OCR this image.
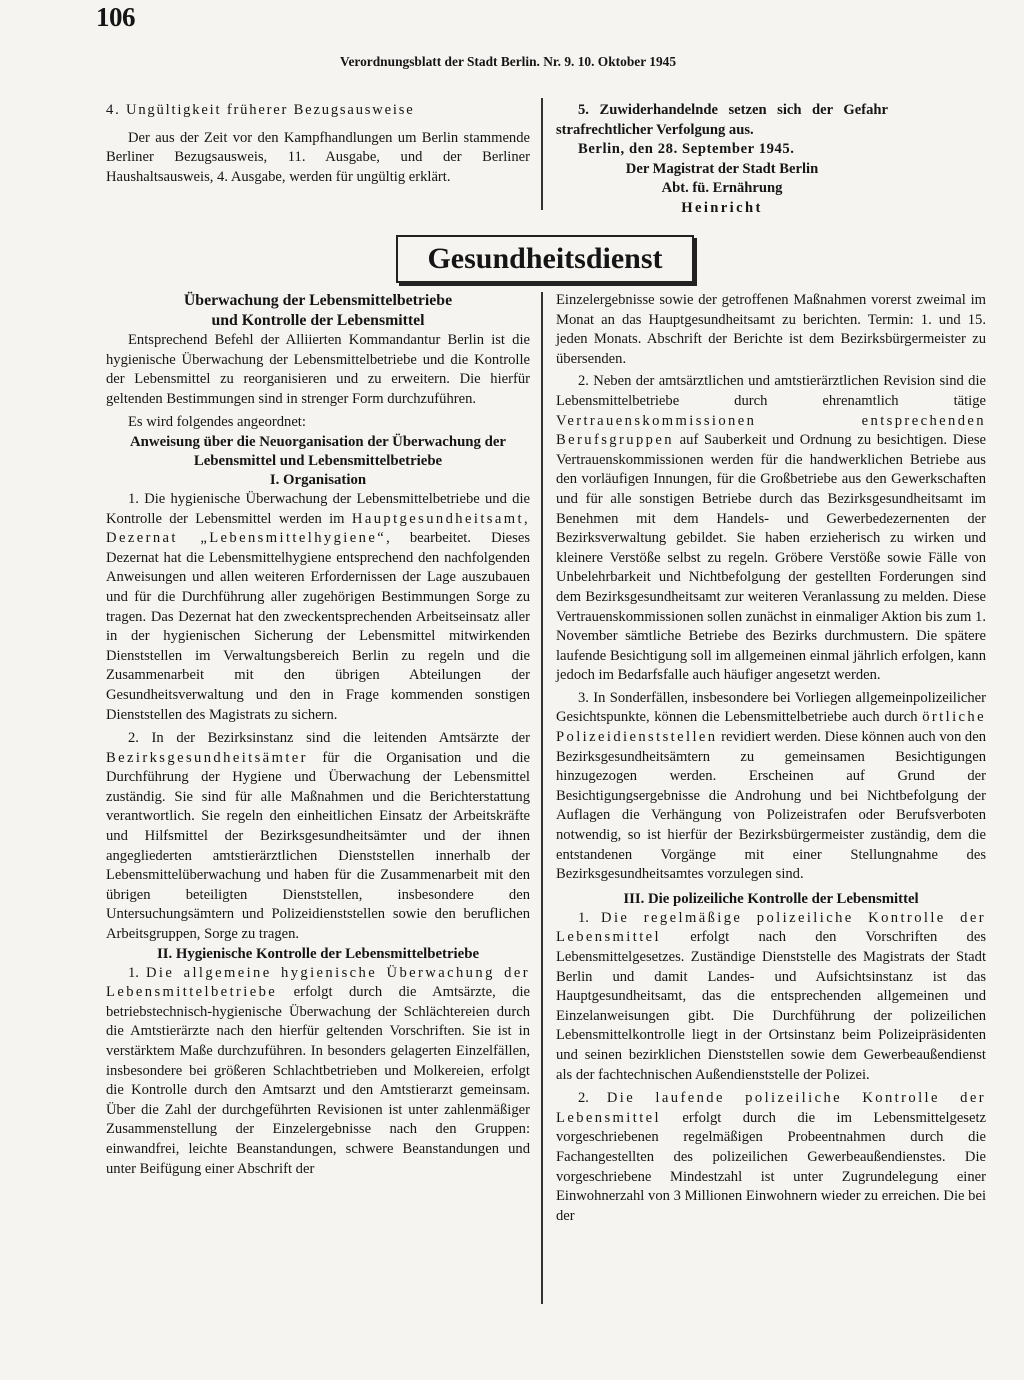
106
Verordnungsblatt der Stadt Berlin. Nr. 9. 10. Oktober 1945

4. Ungültigkeit früherer Bezugsausweise

Der aus der Zeit vor den Kampfhandlungen um Berlin stammende Berliner Bezugsausweis, 11. Ausgabe, und der Berliner Haushaltsausweis, 4. Ausgabe, werden für ungültig erklärt.

5. Zuwiderhandelnde setzen sich der Gefahr strafrechtlicher Verfolgung aus.

Berlin, den 28. September 1945.

Der Magistrat der Stadt Berlin

Abt. fü. Ernährung

Heinricht

Gesundheitsdienst

Überwachung der Lebensmittelbetriebe
und Kontrolle der Lebensmittel

Entsprechend Befehl der Alliierten Kommandantur Berlin ist die hygienische Überwachung der Lebensmittelbetriebe und die Kontrolle der Lebensmittel zu reorganisieren und zu erweitern. Die hierfür geltenden Bestimmungen sind in strenger Form durchzuführen.

Es wird folgendes angeordnet:

Anweisung über die Neuorganisation der Überwachung der Lebensmittel und Lebensmittelbetriebe

I. Organisation

1. Die hygienische Überwachung der Lebensmittelbetriebe und die Kontrolle der Lebensmittel werden im Hauptgesundheitsamt, Dezernat „Lebensmittelhygiene“, bearbeitet. Dieses Dezernat hat die Lebensmittelhygiene entsprechend den nachfolgenden Anweisungen und allen weiteren Erfordernissen der Lage auszubauen und für die Durchführung aller zugehörigen Bestimmungen Sorge zu tragen. Das Dezernat hat den zweckentsprechenden Arbeitseinsatz aller in der hygienischen Sicherung der Lebensmittel mitwirkenden Dienststellen im Verwaltungsbereich Berlin zu regeln und die Zusammenarbeit mit den übrigen Abteilungen der Gesundheitsverwaltung und den in Frage kommenden sonstigen Dienststellen des Magistrats zu sichern.

2. In der Bezirksinstanz sind die leitenden Amtsärzte der Bezirksgesundheitsämter für die Organisation und die Durchführung der Hygiene und Überwachung der Lebensmittel zuständig. Sie sind für alle Maßnahmen und die Berichterstattung verantwortlich. Sie regeln den einheitlichen Einsatz der Arbeitskräfte und Hilfsmittel der Bezirksgesundheitsämter und der ihnen angegliederten amtstierärztlichen Dienststellen innerhalb der Lebensmittelüberwachung und haben für die Zusammenarbeit mit den übrigen beteiligten Dienststellen, insbesondere den Untersuchungsämtern und Polizeidienststellen sowie den beruflichen Arbeitsgruppen, Sorge zu tragen.

II. Hygienische Kontrolle der Lebensmittelbetriebe

1. Die allgemeine hygienische Überwachung der Lebensmittelbetriebe erfolgt durch die Amtsärzte, die betriebstechnisch-hygienische Überwachung der Schlächtereien durch die Amtstierärzte nach den hierfür geltenden Vorschriften. Sie ist in verstärktem Maße durchzuführen. In besonders gelagerten Einzelfällen, insbesondere bei größeren Schlachtbetrieben und Molkereien, erfolgt die Kontrolle durch den Amtsarzt und den Amtstierarzt gemeinsam. Über die Zahl der durchgeführten Revisionen ist unter zahlenmäßiger Zusammenstellung der Einzelergebnisse nach den Gruppen: einwandfrei, leichte Beanstandungen, schwere Beanstandungen und unter Beifügung einer Abschrift der

Einzelergebnisse sowie der getroffenen Maßnahmen vorerst zweimal im Monat an das Hauptgesundheitsamt zu berichten. Termin: 1. und 15. jeden Monats. Abschrift der Berichte ist dem Bezirksbürgermeister zu übersenden.

2. Neben der amtsärztlichen und amtstierärztlichen Revision sind die Lebensmittelbetriebe durch ehrenamtlich tätige Vertrauenskommissionen entsprechenden Berufsgruppen auf Sauberkeit und Ordnung zu besichtigen. Diese Vertrauenskommissionen werden für die handwerklichen Betriebe aus den vorläufigen Innungen, für die Großbetriebe aus den Gewerkschaften und für alle sonstigen Betriebe durch das Bezirksgesundheitsamt im Benehmen mit dem Handels- und Gewerbedezernenten der Bezirksverwaltung gebildet. Sie haben erzieherisch zu wirken und kleinere Verstöße selbst zu regeln. Gröbere Verstöße sowie Fälle von Unbelehrbarkeit und Nichtbefolgung der gestellten Forderungen sind dem Bezirksgesundheitsamt zur weiteren Veranlassung zu melden. Diese Vertrauenskommissionen sollen zunächst in einmaliger Aktion bis zum 1. November sämtliche Betriebe des Bezirks durchmustern. Die spätere laufende Besichtigung soll im allgemeinen einmal jährlich erfolgen, kann jedoch im Bedarfsfalle auch häufiger angesetzt werden.

3. In Sonderfällen, insbesondere bei Vorliegen allgemeinpolizeilicher Gesichtspunkte, können die Lebensmittelbetriebe auch durch örtliche Polizeidienststellen revidiert werden. Diese können auch von den Bezirksgesundheitsämtern zu gemeinsamen Besichtigungen hinzugezogen werden. Erscheinen auf Grund der Besichtigungsergebnisse die Androhung und bei Nichtbefolgung der Auflagen die Verhängung von Polizeistrafen oder Berufsverboten notwendig, so ist hierfür der Bezirksbürgermeister zuständig, dem die entstandenen Vorgänge mit einer Stellungnahme des Bezirksgesundheitsamtes vorzulegen sind.

III. Die polizeiliche Kontrolle der Lebensmittel

1. Die regelmäßige polizeiliche Kontrolle der Lebensmittel erfolgt nach den Vorschriften des Lebensmittelgesetzes. Zuständige Dienststelle des Magistrats der Stadt Berlin und damit Landes- und Aufsichtsinstanz ist das Hauptgesundheitsamt, das die entsprechenden allgemeinen und Einzelanweisungen gibt. Die Durchführung der polizeilichen Lebensmittelkontrolle liegt in der Ortsinstanz beim Polizeipräsidenten und seinen bezirklichen Dienststellen sowie dem Gewerbeaußendienst als der fachtechnischen Außendienststelle der Polizei.

2. Die laufende polizeiliche Kontrolle der Lebensmittel erfolgt durch die im Lebensmittelgesetz vorgeschriebenen regelmäßigen Probeentnahmen durch die Fachangestellten des polizeilichen Gewerbeaußendienstes. Die vorgeschriebene Mindestzahl ist unter Zugrundelegung einer Einwohnerzahl von 3 Millionen Einwohnern wieder zu erreichen. Die bei der
